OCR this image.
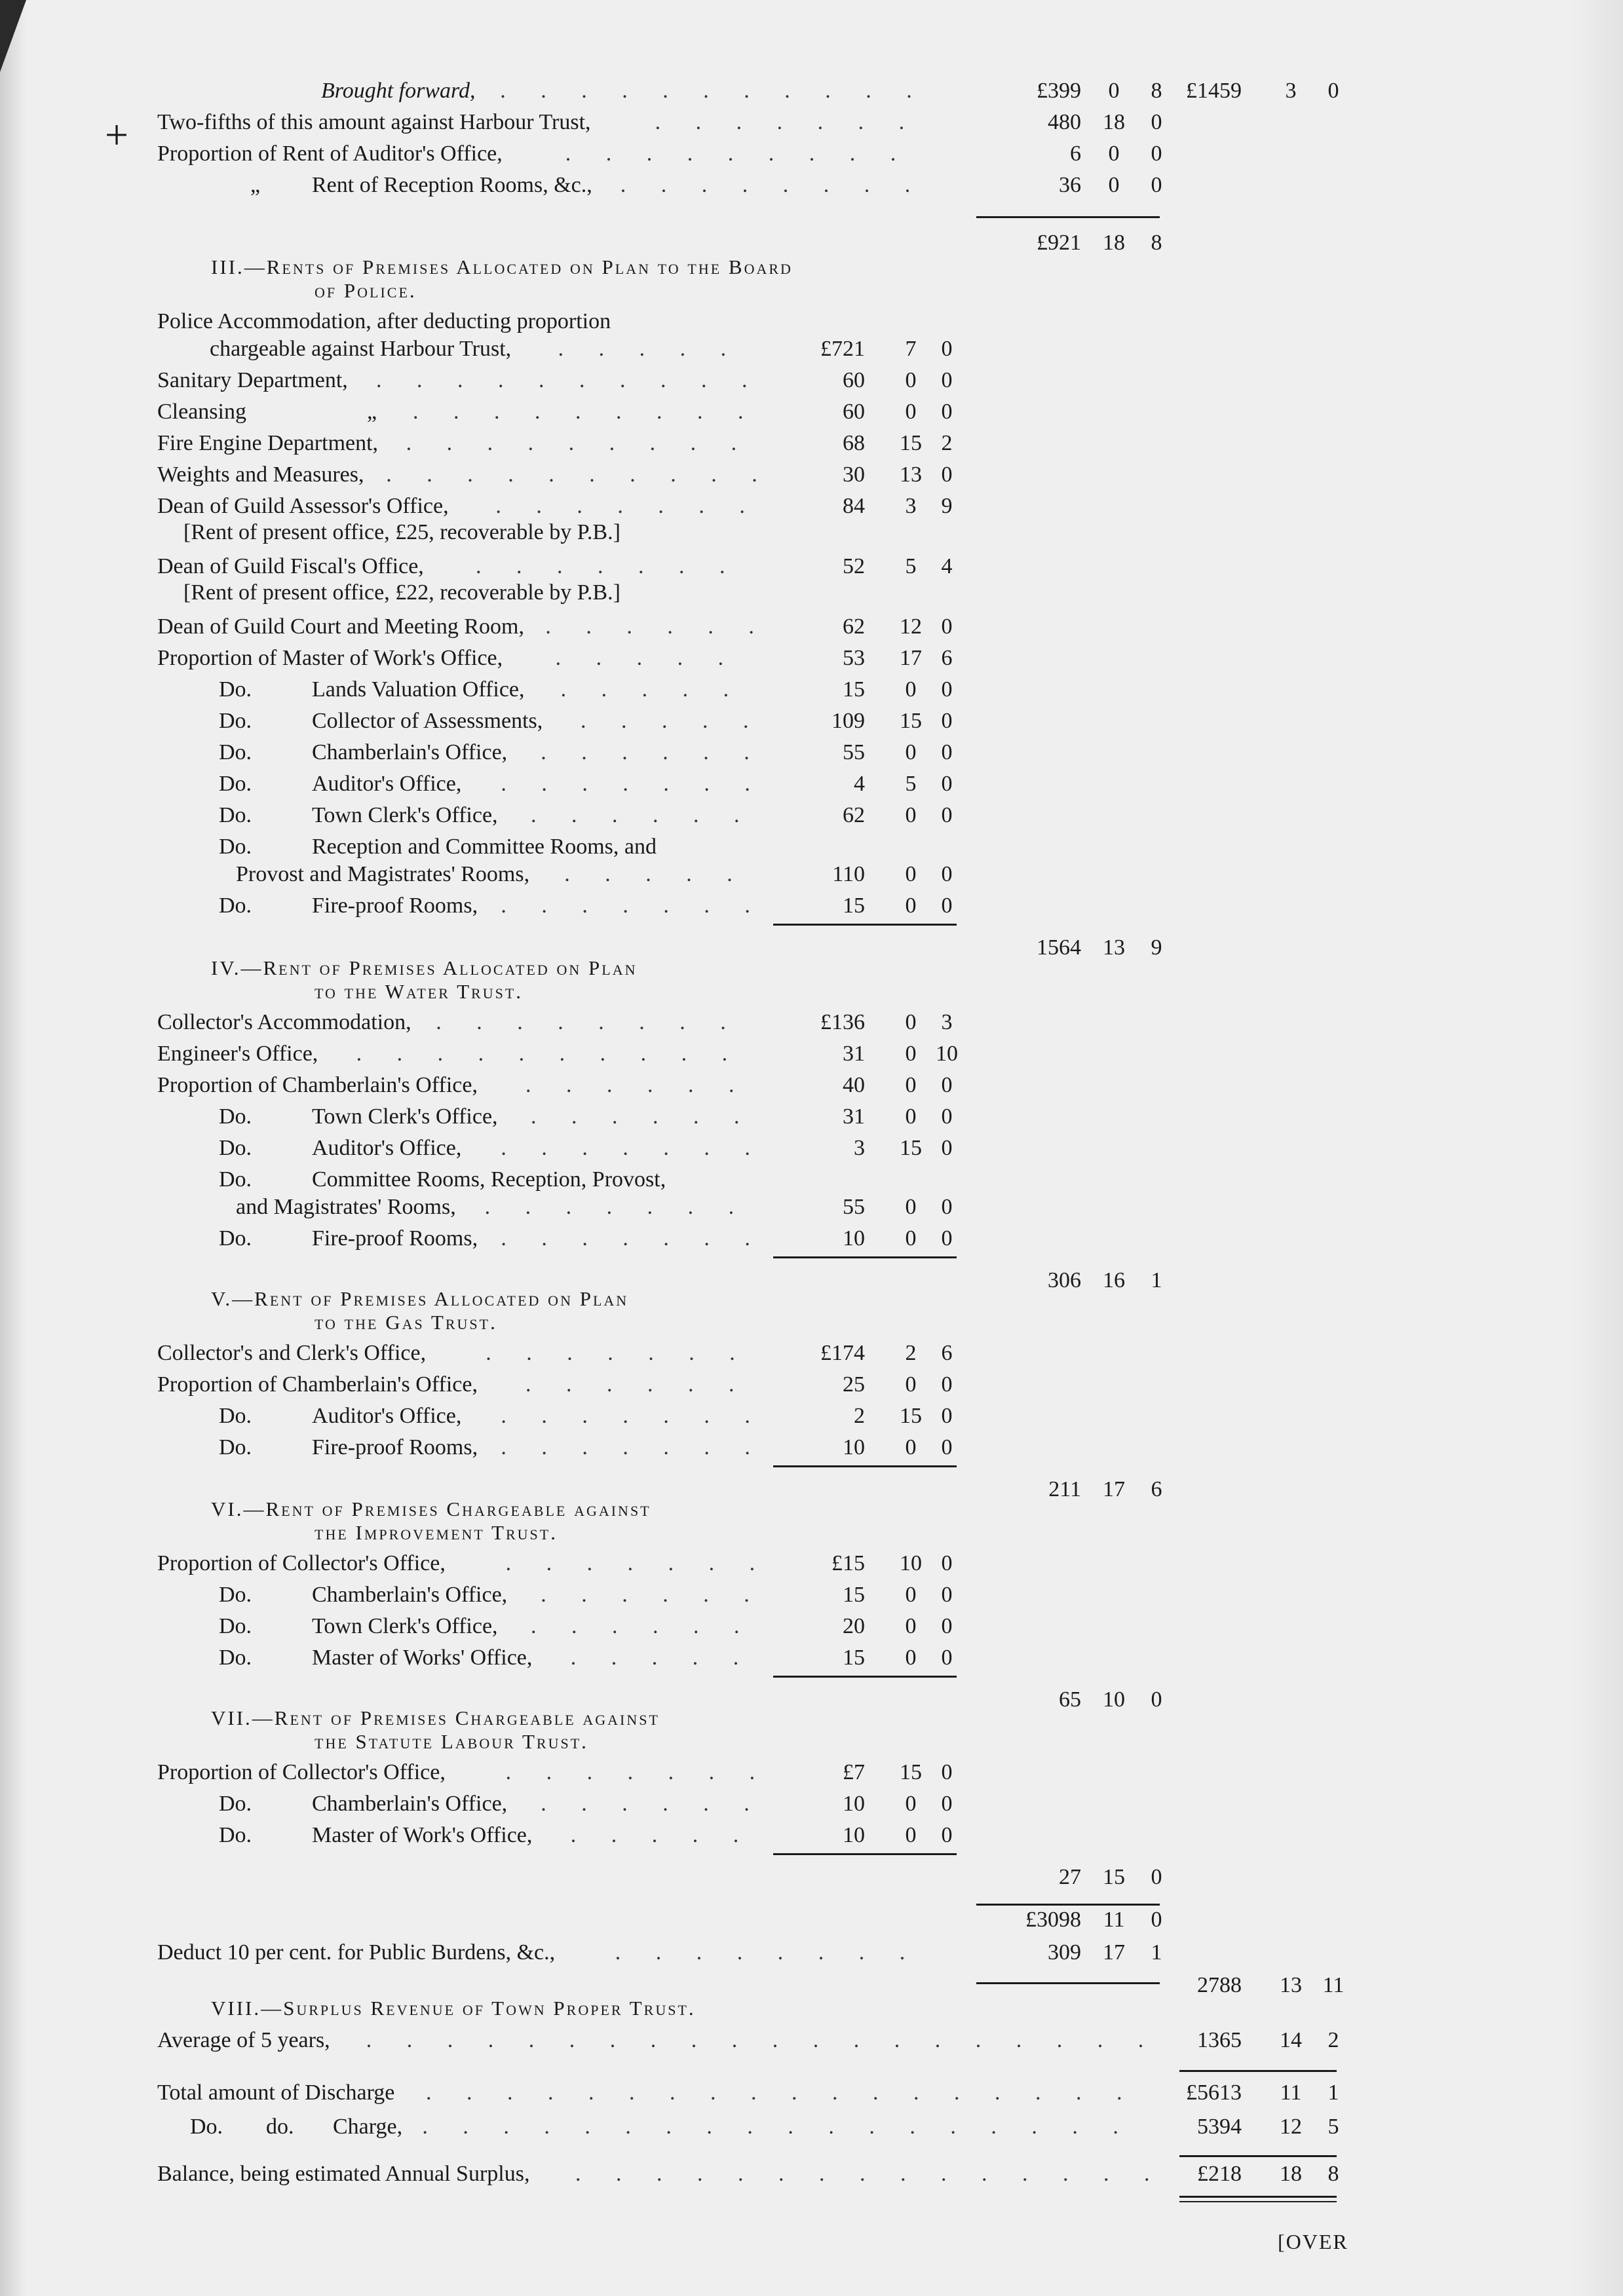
Brought forward, . . . . . . . . . . .	£399	0	8	£1459	3	0
Two-fifths of this amount against Harbour Trust,	. . . . . . .	480 18	0
Proportion of Rent of Auditor's Office,	. . . . . . . . .	6	0	0
„ Rent of Reception Rooms, &c., . . . . . . . .	36	0	0
£921 18	8
III.—Rents of Premises Allocated on Plan to the Board
of Police.
Police Accommodation, after deducting proportion
chargeable against Harbour Trust, . . . . .	£721	7	0
Sanitary Department, . . . . . . . . . .	60	0	0
Cleansing	„ . . . . . . . . .	60	0	0
Fire Engine Department, . . . . . . . . .	68	15 2
Weights and Measures, . . . . . . . . . .	30	13 0
Dean of Guild Assessor's Office, . . . . . . .	84	3	9
[Rent of present office, £25, recoverable by P.B.]
Dean of Guild Fiscal's Office, . . . . . . .	52	5	4
[Rent of present office, £22, recoverable by P.B.]
Dean of Guild Court and Meeting Room, . . . . . .	62	12 0
Proportion of Master of Work's Office, . . . . .	53	17 6
Do.	Lands Valuation Office, . . . . .	15	0	0
Do.	Collector of Assessments, . . . . .	109	15 0
Do.	Chamberlain's Office, . . . . . .	55	0	0
Do.	Auditor's Office, . . . . . . .	4	5	0
Do.	Town Clerk's Office, . . . . . .	62	0	0
Do.	Reception and Committee Rooms, and
Provost and Magistrates' Rooms, . . . . .	110	0	0
Do.	Fire-proof Rooms, . . . . . . .	15	0	0
1564 13	9
IV.—Rent of Premises Allocated on Plan
to the Water Trust.
Collector's Accommodation, . . . . . . . .	£136	0	3
Engineer's Office, . . . . . . . . . .	31	0 10
Proportion of Chamberlain's Office, . . . . . .	40	0	0
Do.	Town Clerk's Office, . . . . . .	31	0	0
Do.	Auditor's Office, . . . . . . .	3	15 0
Do.	Committee Rooms, Reception, Provost,
and Magistrates' Rooms, . . . . . . .	55	0	0
Do.	Fire-proof Rooms, . . . . . . .	10	0	0
306 16	1
V.—Rent of Premises Allocated on Plan
to the Gas Trust.
Collector's and Clerk's Office,	. . . . . . .	£174	2	6
Proportion of Chamberlain's Office, . . . . . .	25	0	0
Do.	Auditor's Office, . . . . . . .	2	15 0
Do.	Fire-proof Rooms, . . . . . . .	10	0	0
211 17	6
VI.—Rent of Premises Chargeable against
the Improvement Trust.
Proportion of Collector's Office,	. . . . . . .	£15	10 0
Do.	Chamberlain's Office, . . . . . .	15	0	0
Do.	Town Clerk's Office, . . . . . .	20	0	0
Do.	Master of Works' Office, . . . . .	15	0	0
65 10	0
VII.—Rent of Premises Chargeable against
the Statute Labour Trust.
Proportion of Collector's Office,	. . . . . . .	£7	15 0
Do.	Chamberlain's Office, . . . . . .	10	0	0
Do.	Master of Work's Office, . . . . .	10	0	0
27 15	0
£3098 11	0
Deduct 10 per cent. for Public Burdens, &c.,	. . . . . . . .	309 17	1
2788	13 11
VIII.—Surplus Revenue of Town Proper Trust.
Average of 5 years, . . . . . . . . . . . . . . . . . . . .	1365	14	2
Total amount of Discharge . . . . . . . . . . . . . . . . . .	£5613	11	1
Do. do. Charge, . . . . . . . . . . . . . . . . . .	5394	12	5
Balance, being estimated Annual Surplus, . . . . . . . . . . . . . . .	£218	18	8
+
[OVER
